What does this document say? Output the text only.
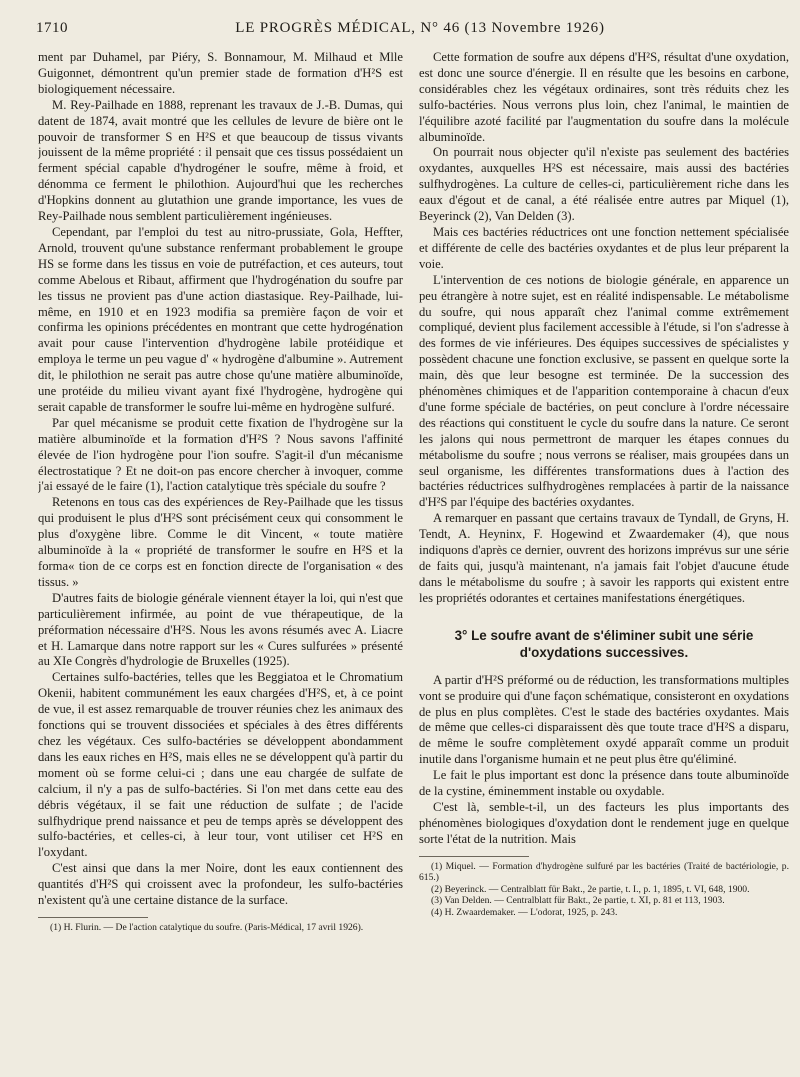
1710	LE PROGRÈS MÉDICAL, N° 46 (13 Novembre 1926)

ment par Duhamel, par Piéry, S. Bonnamour, M. Milhaud et Mlle Guigonnet, démontrent qu'un premier stade de formation d'H²S est biologiquement nécessaire.

M. Rey-Pailhade en 1888, reprenant les travaux de J.-B. Dumas, qui datent de 1874, avait montré que les cellules de levure de bière ont le pouvoir de transformer S en H²S et que beaucoup de tissus vivants jouissent de la même propriété : il pensait que ces tissus possédaient un ferment spécial capable d'hydrogéner le soufre, même à froid, et dénomma ce ferment le philothion. Aujourd'hui que les recherches d'Hopkins donnent au glutathion une grande importance, les vues de Rey-Pailhade nous semblent particulièrement ingénieuses.

Cependant, par l'emploi du test au nitro-prussiate, Gola, Heffter, Arnold, trouvent qu'une substance renfermant probablement le groupe HS se forme dans les tissus en voie de putréfaction, et ces auteurs, tout comme Abelous et Ribaut, affirment que l'hydrogénation du soufre par les tissus ne provient pas d'une action diastasique. Rey-Pailhade, lui-même, en 1910 et en 1923 modifia sa première façon de voir et confirma les opinions précédentes en montrant que cette hydrogénation avait pour cause l'intervention d'hydrogène labile protéidique et employa le terme un peu vague d' « hydrogène d'albumine ». Autrement dit, le philothion ne serait pas autre chose qu'une matière albuminoïde, une protéide du milieu vivant ayant fixé l'hydrogène, hydrogène qui serait capable de transformer le soufre lui-même en hydrogène sulfuré.

Par quel mécanisme se produit cette fixation de l'hydrogène sur la matière albuminoïde et la formation d'H²S ? Nous savons l'affinité élevée de l'ion hydrogène pour l'ion soufre. S'agit-il d'un mécanisme électrostatique ? Et ne doit-on pas encore chercher à invoquer, comme j'ai essayé de le faire (1), l'action catalytique très spéciale du soufre ?

Retenons en tous cas des expériences de Rey-Pailhade que les tissus qui produisent le plus d'H²S sont précisément ceux qui consomment le plus d'oxygène libre. Comme le dit Vincent, « toute matière albuminoïde à la « propriété de transformer le soufre en H²S et la forma« tion de ce corps est en fonction directe de l'organisation « des tissus. »

D'autres faits de biologie générale viennent étayer la loi, qui n'est que particulièrement infirmée, au point de vue thérapeutique, de la préformation nécessaire d'H²S. Nous les avons résumés avec A. Liacre et H. Lamarque dans notre rapport sur les « Cures sulfurées » présenté au XIe Congrès d'hydrologie de Bruxelles (1925).

Certaines sulfo-bactéries, telles que les Beggiatoa et le Chromatium Okenii, habitent communément les eaux chargées d'H²S, et, à ce point de vue, il est assez remarquable de trouver réunies chez les animaux des fonctions qui se trouvent dissociées et spéciales à des êtres différents chez les végétaux. Ces sulfo-bactéries se développent abondamment dans les eaux riches en H²S, mais elles ne se développent qu'à partir du moment où se forme celui-ci ; dans une eau chargée de sulfate de calcium, il n'y a pas de sulfo-bactéries. Si l'on met dans cette eau des débris végétaux, il se fait une réduction de sulfate ; de l'acide sulfhydrique prend naissance et peu de temps après se développent des sulfo-bactéries, et celles-ci, à leur tour, vont utiliser cet H²S en l'oxydant.

C'est ainsi que dans la mer Noire, dont les eaux contiennent des quantités d'H²S qui croissent avec la profondeur, les sulfo-bactéries n'existent qu'à une certaine distance de la surface.

(1) H. Flurin. — De l'action catalytique du soufre. (Paris-Médical, 17 avril 1926).

Cette formation de soufre aux dépens d'H²S, résultat d'une oxydation, est donc une source d'énergie. Il en résulte que les besoins en carbone, considérables chez les végétaux ordinaires, sont très réduits chez les sulfo-bactéries. Nous verrons plus loin, chez l'animal, le maintien de l'équilibre azoté facilité par l'augmentation du soufre dans la molécule albuminoïde.

On pourrait nous objecter qu'il n'existe pas seulement des bactéries oxydantes, auxquelles H²S est nécessaire, mais aussi des bactéries sulfhydrogènes. La culture de celles-ci, particulièrement riche dans les eaux d'égout et de canal, a été réalisée entre autres par Miquel (1), Beyerinck (2), Van Delden (3).

Mais ces bactéries réductrices ont une fonction nettement spécialisée et différente de celle des bactéries oxydantes et de plus leur préparent la voie.

L'intervention de ces notions de biologie générale, en apparence un peu étrangère à notre sujet, est en réalité indispensable. Le métabolisme du soufre, qui nous apparaît chez l'animal comme extrêmement compliqué, devient plus facilement accessible à l'étude, si l'on s'adresse à des formes de vie inférieures. Des équipes successives de spécialistes y possèdent chacune une fonction exclusive, se passent en quelque sorte la main, dès que leur besogne est terminée. De la succession des phénomènes chimiques et de l'apparition contemporaine à chacun d'eux d'une forme spéciale de bactéries, on peut conclure à l'ordre nécessaire des réactions qui constituent le cycle du soufre dans la nature. Ce seront les jalons qui nous permettront de marquer les étapes connues du métabolisme du soufre ; nous verrons se réaliser, mais groupées dans un seul organisme, les différentes transformations dues à l'action des bactéries réductrices sulfhydrogènes remplacées à partir de la naissance d'H²S par l'équipe des bactéries oxydantes.

A remarquer en passant que certains travaux de Tyndall, de Gryns, H. Tendt, A. Heyninx, F. Hogewind et Zwaardemaker (4), que nous indiquons d'après ce dernier, ouvrent des horizons imprévus sur une série de faits qui, jusqu'à maintenant, n'a jamais fait l'objet d'aucune étude dans le métabolisme du soufre ; à savoir les rapports qui existent entre les propriétés odorantes et certaines manifestations énergétiques.

3° Le soufre avant de s'éliminer subit une série d'oxydations successives.

A partir d'H²S préformé ou de réduction, les transformations multiples vont se produire qui d'une façon schématique, consisteront en oxydations de plus en plus complètes. C'est le stade des bactéries oxydantes. Mais de même que celles-ci disparaissent dès que toute trace d'H²S a disparu, de même le soufre complètement oxydé apparaît comme un produit inutile dans l'organisme humain et ne peut plus être qu'éliminé.

Le fait le plus important est donc la présence dans toute albuminoïde de la cystine, éminemment instable ou oxydable.

C'est là, semble-t-il, un des facteurs les plus importants des phénomènes biologiques d'oxydation dont le rendement juge en quelque sorte l'état de la nutrition. Mais

(1) Miquel. — Formation d'hydrogène sulfuré par les bactéries (Traité de bactériologie, p. 615.)

(2) Beyerinck. — Centralblatt für Bakt., 2e partie, t. I., p. 1, 1895, t. VI, 648, 1900.

(3) Van Delden. — Centralblatt für Bakt., 2e partie, t. XI, p. 81 et 113, 1903.

(4) H. Zwaardemaker. — L'odorat, 1925, p. 243.
